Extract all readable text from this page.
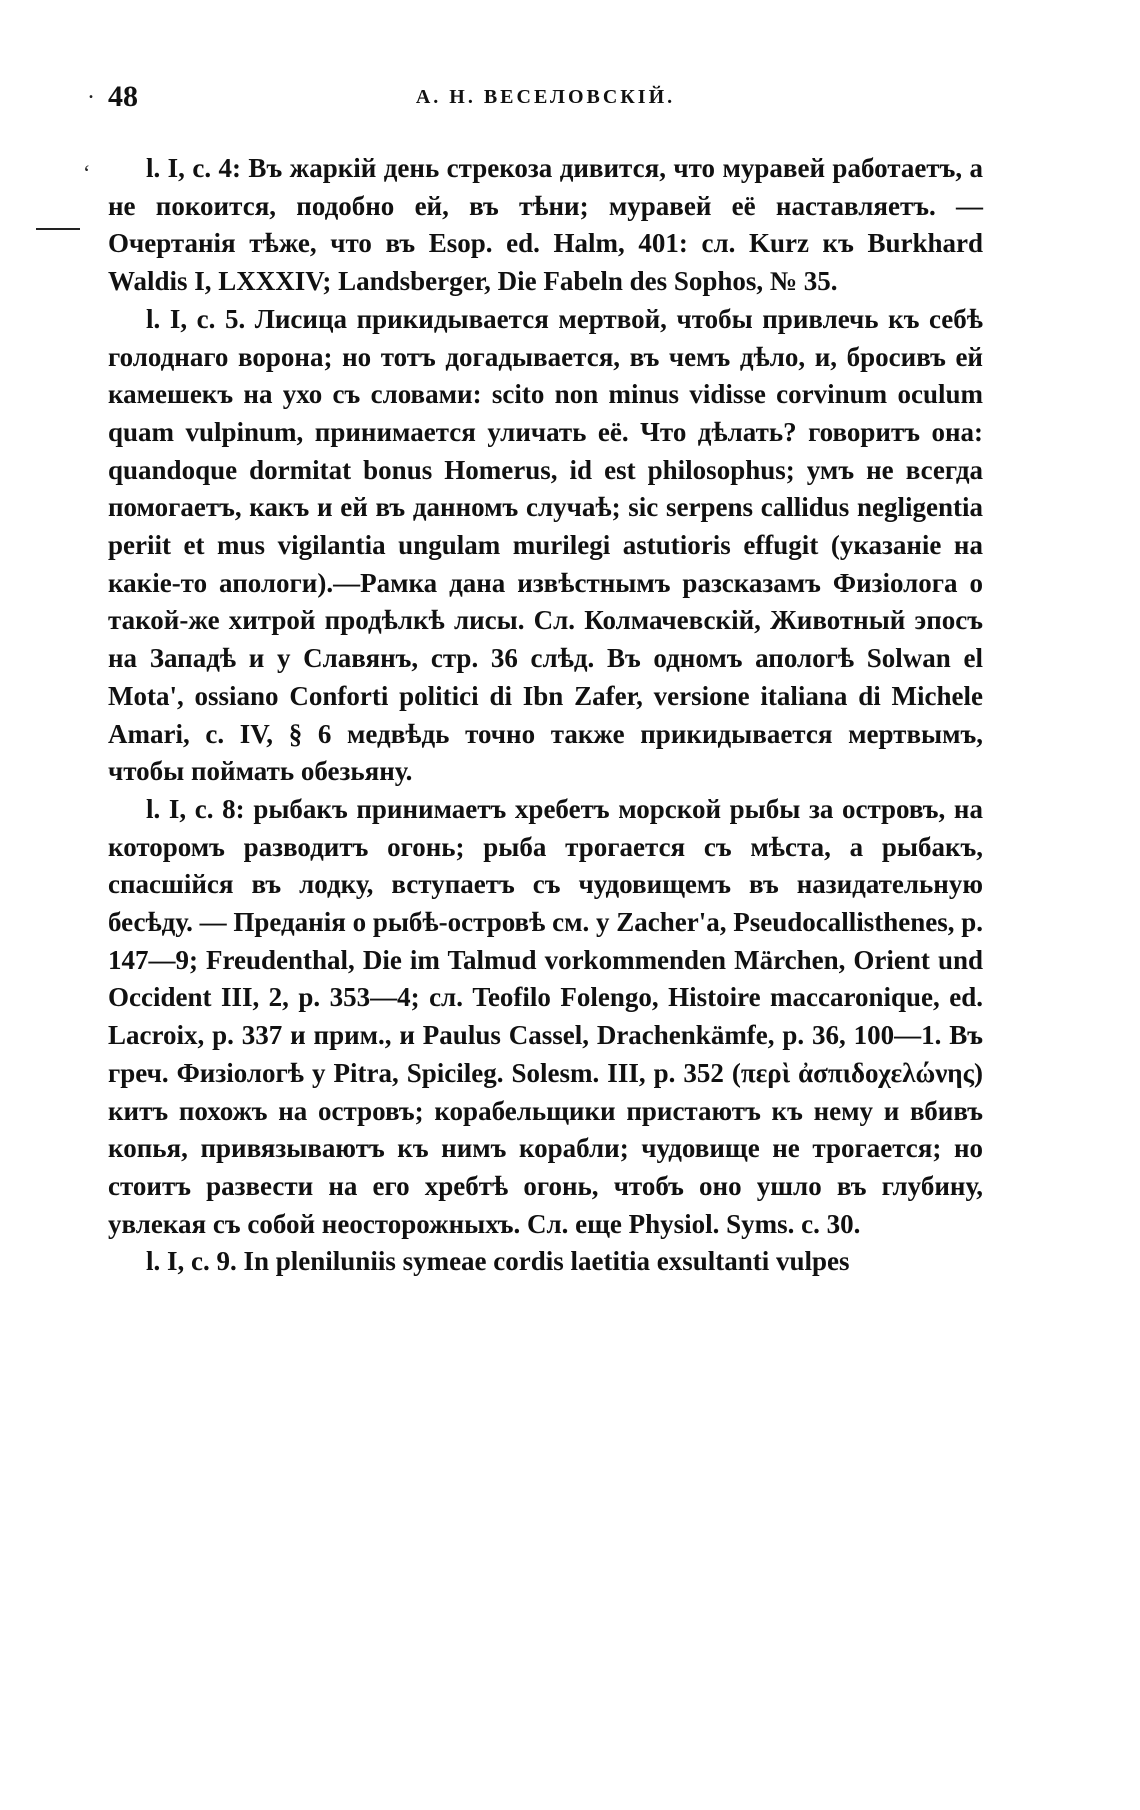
.
ʻ
48	А. Н. ВЕСЕЛОВСКІЙ.

l. I, c. 4: Въ жаркій день стрекоза дивится, что муравей работаетъ, а не покоится, подобно ей, въ тѣни; муравей её наставляетъ. — Очертанія тѣже, что въ Esop. ed. Halm, 401: сл. Kurz къ Burkhard Waldis I, LXXXIV; Landsberger, Die Fabeln des Sophos, № 35.

l. I, c. 5. Лисица прикидывается мертвой, чтобы привлечь къ себѣ голоднаго ворона; но тотъ догадывается, въ чемъ дѣло, и, бросивъ ей камешекъ на ухо съ словами: scito non minus vidisse corvinum oculum quam vulpinum, принимается уличать её. Что дѣлать? говоритъ она: quandoque dormitat bonus Homerus, id est philosophus; умъ не всегда помогаетъ, какъ и ей въ данномъ случаѣ; sic serpens callidus negligentia periit et mus vigilantia ungulam murilegi astutioris effugit (указаніе на какіе-то апологи).—Рамка дана извѣстнымъ разсказамъ Физіолога о такой-же хитрой продѣлкѣ лисы. Сл. Колмачевскій, Животный эпосъ на Западѣ и у Славянъ, стр. 36 слѣд. Въ одномъ апологѣ Solwan el Mota', ossiano Conforti politici di Ibn Zafer, versione italiana di Michele Amari, c. IV, § 6 медвѣдь точно также прикидывается мертвымъ, чтобы поймать обезьяну.

l. I, c. 8: рыбакъ принимаетъ хребетъ морской рыбы за островъ, на которомъ разводитъ огонь; рыба трогается съ мѣста, а рыбакъ, спасшійся въ лодку, вступаетъ съ чудовищемъ въ назидательную бесѣду. — Преданія о рыбѣ-островѣ см. у Zacher'a, Pseudocallisthenes, p. 147—9; Freudenthal, Die im Talmud vorkommenden Märchen, Orient und Occident III, 2, p. 353—4; сл. Teofilo Folengo, Histoire maccaronique, ed. Lacroix, p. 337 и прим., и Paulus Cassel, Drachenkämfe, p. 36, 100—1. Въ греч. Физіологѣ у Pitra, Spicileg. Solesm. III, p. 352 (περὶ ἀσπιδοχελώνης) китъ похожъ на островъ; корабельщики пристаютъ къ нему и вбивъ копья, привязываютъ къ нимъ корабли; чудовище не трогается; но стоитъ развести на его хребтѣ огонь, чтобъ оно ушло въ глубину, увлекая съ собой неосторожныхъ. Сл. еще Physiol. Syms. c. 30.

l. I, c. 9. In pleniluniis symeae cordis laetitia exsultanti vulpes
